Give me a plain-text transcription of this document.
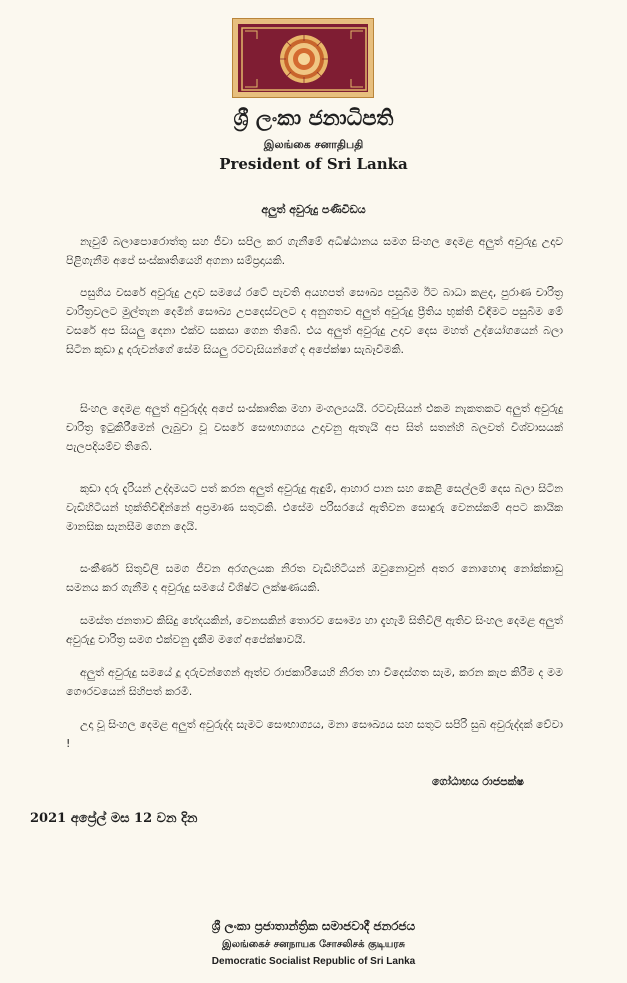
ශ්‍රී ලංකා ජනාධිපති
இலங்கை சனாதிபதி
President of Sri Lanka
අලුත් අවුරුදු පණිවිඩය
නැවුම් බලාපොරොත්තු සහ ජීවා සපිල කර ගැනීමේ අධිෂ්ඨානය සමග සිංහල දෙමළ අලුත් අවුරුදු උදාව පිළිගැනීම අපේ සංස්කෘතියෙහි අගනා සම්ප්‍රදායකි.
පසුගිය වසරේ අවුරුදු උදාව සමයේ රටේ පැවති අයහපත් සෞඛ්‍ය පසුබිම ඊට බාධා කළද, පුරාණ චාරිත්‍ර වාරිත්‍රවලට මුල්තැන දෙමින් සෞඛ්‍ය උපදෙස්වලට ද අනුගතව අලුත් අවුරුදු ප්‍රීතිය භුක්ති විඳීමට පසුබිම මේ වසරේ අප සියලු දෙනා එක්ව සකසා ගෙන තිබේ. එය අලුත් අවුරුදු උදාව දෙස මහත් උද්යෝගයෙන් බලා සිටින කුඩා දූ දරුවන්ගේ සේම සියලු රටවැසියන්ගේ ද අපේක්ෂා සැබෑවීමකි.
සිංහල දෙමළ අලුත් අවුරුද්ද අපේ සංස්කෘතික මහා මංගල්‍යයයි. රටවැසියන් එකම නැකතකට අලුත් අවුරුදු චාරිත්‍ර ඉටුකිරීමෙන් ලැබුවා වූ වසරේ සෞභාග්‍යය උදාවනු ඇතැයි අප සිත් සතන්හි බලවත් විශ්වාසයක් පැලපදියම්ව තිබේ.
කුඩා දරු දැරියන් උද්දාමයට පත් කරන අලුත් අවුරුදු ඇඳුම්, ආහාර පාන සහ කෙළි සෙල්ලම් දෙස බලා සිටින වැඩිහිටියන් භුක්තිවිඳින්නේ අප්‍රමාණ සතුටකි. එසේම පරිසරයේ ඇතිවන සොඳුරු වෙනස්කම් අපට කායික මානසික සැනසීම ගෙන දෙයි.
සංකීර්ණ සිතුවිලි සමග ජීවන අරගලයක නිරත වැඩිහිටියන් ඔවුනොවුන් අතර නොහොඳ නෝක්කාඩු සමනය කර ගැනීම ද අවුරුදු සමයේ විශිෂ්ට ලක්ෂණයකි.
සමස්ත ජනතාව කිසිදු භේදයකින්, වෙනසකින් තොරව සෞම්‍ය හා දැහැමි සිතිවිලි ඇතිව සිංහල දෙමළ අලුත් අවුරුදු චාරිත්‍ර සමග එක්වනු දැකීම මගේ අපේක්ෂාවයි.
අලුත් අවුරුදු සමයේ දූ දරුවන්ගෙන් ඈත්ව රාජකාරියෙහි නිරත හා විදෙස්ගත සැම, කරන කැප කිරීම ද මම ගෞරවයෙන් සිහිපත් කරමි.
උදා වූ සිංහල දෙමළ අලුත් අවුරුද්ද සැමට සෞභාග්‍යය, මනා සෞඛ්‍යය සහ සතුට සපිරි සුබ අවුරුද්දක් වේවා !
ගෝඨාභය රාජපක්ෂ
2021 අප්‍රේල් මස 12 වන දින
ශ්‍රී ලංකා ප්‍රජාතාන්ත්‍රික සමාජවාදී ජනරජය
இலங்கைச் சனநாயக சோசலிசக் குடியரசு
Democratic Socialist Republic of Sri Lanka
